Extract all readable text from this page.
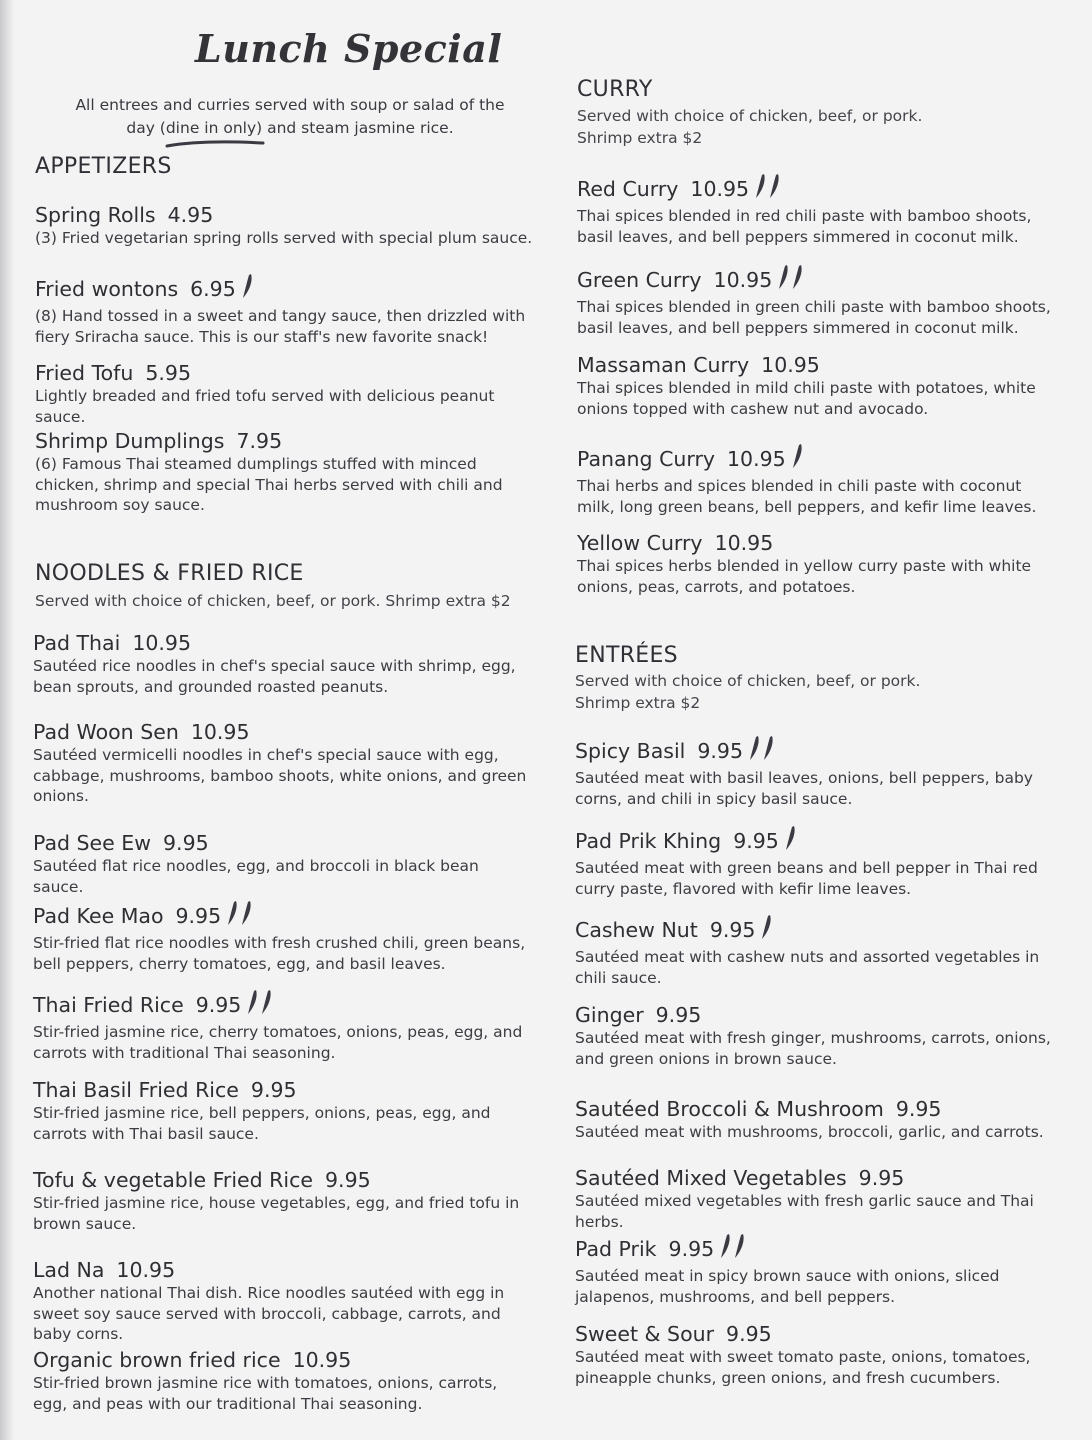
Lunch Special
All entrees and curries served with soup or salad of the day (dine in only) and steam jasmine rice.
APPETIZERS
Spring Rolls 4.95
(3) Fried vegetarian spring rolls served with special plum sauce.
Fried wontons 6.95
(8) Hand tossed in a sweet and tangy sauce, then drizzled with fiery Sriracha sauce. This is our staff's new favorite snack!
Fried Tofu 5.95
Lightly breaded and fried tofu served with delicious peanut sauce.
Shrimp Dumplings 7.95
(6) Famous Thai steamed dumplings stuffed with minced chicken, shrimp and special Thai herbs served with chili and mushroom soy sauce.
NOODLES & FRIED RICE
Served with choice of chicken, beef, or pork. Shrimp extra $2
Pad Thai 10.95
Sautéed rice noodles in chef's special sauce with shrimp, egg, bean sprouts, and grounded roasted peanuts.
Pad Woon Sen 10.95
Sautéed vermicelli noodles in chef's special sauce with egg, cabbage, mushrooms, bamboo shoots, white onions, and green onions.
Pad See Ew 9.95
Sautéed flat rice noodles, egg, and broccoli in black bean sauce.
Pad Kee Mao 9.95
Stir-fried flat rice noodles with fresh crushed chili, green beans, bell peppers, cherry tomatoes, egg, and basil leaves.
Thai Fried Rice 9.95
Stir-fried jasmine rice, cherry tomatoes, onions, peas, egg, and carrots with traditional Thai seasoning.
Thai Basil Fried Rice 9.95
Stir-fried jasmine rice, bell peppers, onions, peas, egg, and carrots with Thai basil sauce.
Tofu & vegetable Fried Rice 9.95
Stir-fried jasmine rice, house vegetables, egg, and fried tofu in brown sauce.
Lad Na 10.95
Another national Thai dish. Rice noodles sautéed with egg in sweet soy sauce served with broccoli, cabbage, carrots, and baby corns.
Organic brown fried rice 10.95
Stir-fried brown jasmine rice with tomatoes, onions, carrots, egg, and peas with our traditional Thai seasoning.
CURRY
Served with choice of chicken, beef, or pork. Shrimp extra $2
Red Curry 10.95
Thai spices blended in red chili paste with bamboo shoots, basil leaves, and bell peppers simmered in coconut milk.
Green Curry 10.95
Thai spices blended in green chili paste with bamboo shoots, basil leaves, and bell peppers simmered in coconut milk.
Massaman Curry 10.95
Thai spices blended in mild chili paste with potatoes, white onions topped with cashew nut and avocado.
Panang Curry 10.95
Thai herbs and spices blended in chili paste with coconut milk, long green beans, bell peppers, and kefir lime leaves.
Yellow Curry 10.95
Thai spices herbs blended in yellow curry paste with white onions, peas, carrots, and potatoes.
ENTRÉES
Served with choice of chicken, beef, or pork. Shrimp extra $2
Spicy Basil 9.95
Sautéed meat with basil leaves, onions, bell peppers, baby corns, and chili in spicy basil sauce.
Pad Prik Khing 9.95
Sautéed meat with green beans and bell pepper in Thai red curry paste, flavored with kefir lime leaves.
Cashew Nut 9.95
Sautéed meat with cashew nuts and assorted vegetables in chili sauce.
Ginger 9.95
Sautéed meat with fresh ginger, mushrooms, carrots, onions, and green onions in brown sauce.
Sautéed Broccoli & Mushroom 9.95
Sautéed meat with mushrooms, broccoli, garlic, and carrots.
Sautéed Mixed Vegetables 9.95
Sautéed mixed vegetables with fresh garlic sauce and Thai herbs.
Pad Prik 9.95
Sautéed meat in spicy brown sauce with onions, sliced jalapenos, mushrooms, and bell peppers.
Sweet & Sour 9.95
Sautéed meat with sweet tomato paste, onions, tomatoes, pineapple chunks, green onions, and fresh cucumbers.
